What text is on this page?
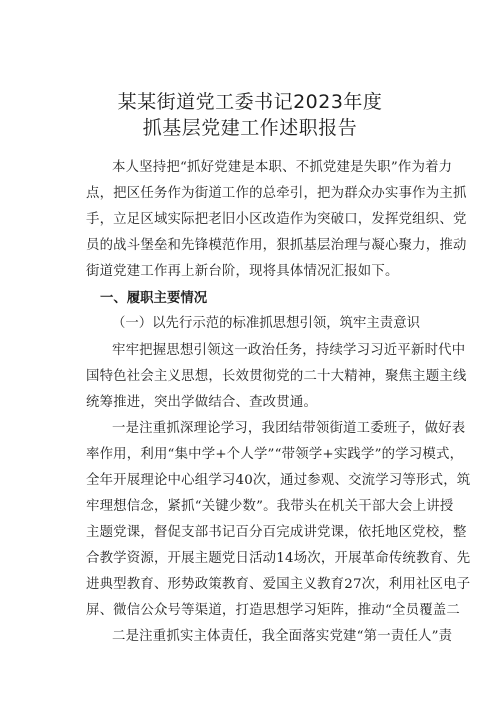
某某街道党工委书记2023年度
抓基层党建工作述职报告
本人坚持把“抓好党建是本职、不抓党建是失职”作为着力
点，把区任务作为街道工作的总牵引，把为群众办实事作为主抓
手，立足区域实际把老旧小区改造作为突破口，发挥党组织、党
员的战斗堡垒和先锋模范作用，狠抓基层治理与凝心聚力，推动
街道党建工作再上新台阶，现将具体情况汇报如下。
一、履职主要情况
（一）以先行示范的标准抓思想引领，筑牢主责意识
牢牢把握思想引领这一政治任务，持续学习习近平新时代中
国特色社会主义思想，长效贯彻党的二十大精神，聚焦主题主线
统筹推进，突出学做结合、查改贯通。
一是注重抓深理论学习，我团结带领街道工委班子，做好表
率作用，利用“集中学+个人学”“带领学+实践学”的学习模式，
全年开展理论中心组学习40次，通过参观、交流学习等形式，筑
牢理想信念，紧抓“关键少数”。我带头在机关干部大会上讲授
主题党课，督促支部书记百分百完成讲党课，依托地区党校，整
合教学资源，开展主题党日活动14场次，开展革命传统教育、先
进典型教育、形势政策教育、爱国主义教育27次，利用社区电子
屏、微信公众号等渠道，打造思想学习矩阵，推动“全员覆盖二
二是注重抓实主体责任，我全面落实党建“第一责任人”责
